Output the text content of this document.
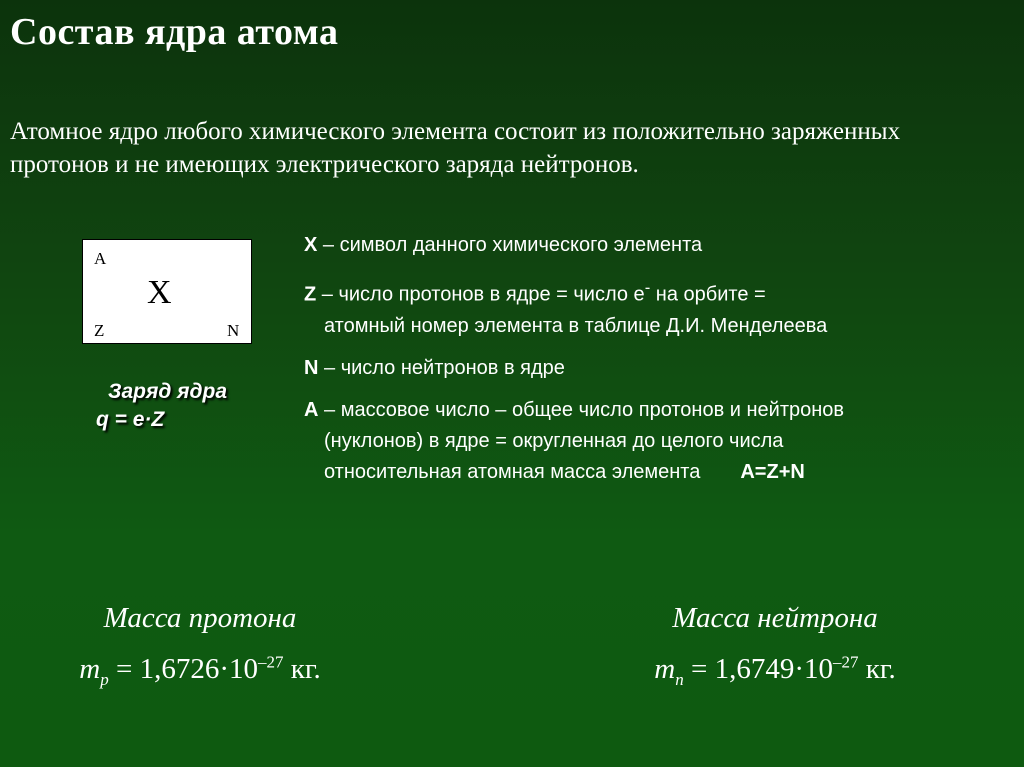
Состав ядра атома
Атомное ядро любого химического элемента состоит из положительно заряженных протонов и не имеющих электрического заряда нейтронов.
A
X
Z	N
Заряд ядра
q = e·Z
X – символ данного химического элемента
Z – число протонов в ядре = число e- на орбите =
атомный номер элемента в таблице Д.И. Менделеева
N – число нейтронов в ядре
A – массовое число – общее число протонов и нейтронов
(нуклонов) в ядре = округленная до целого числа
относительная атомная масса элемента A=Z+N
Масса протона
$m_p = 1,6726\cdot 10^{-27}$ кг.
Масса нейтрона
$m_n = 1,6749\cdot 10^{-27}$ кг.
